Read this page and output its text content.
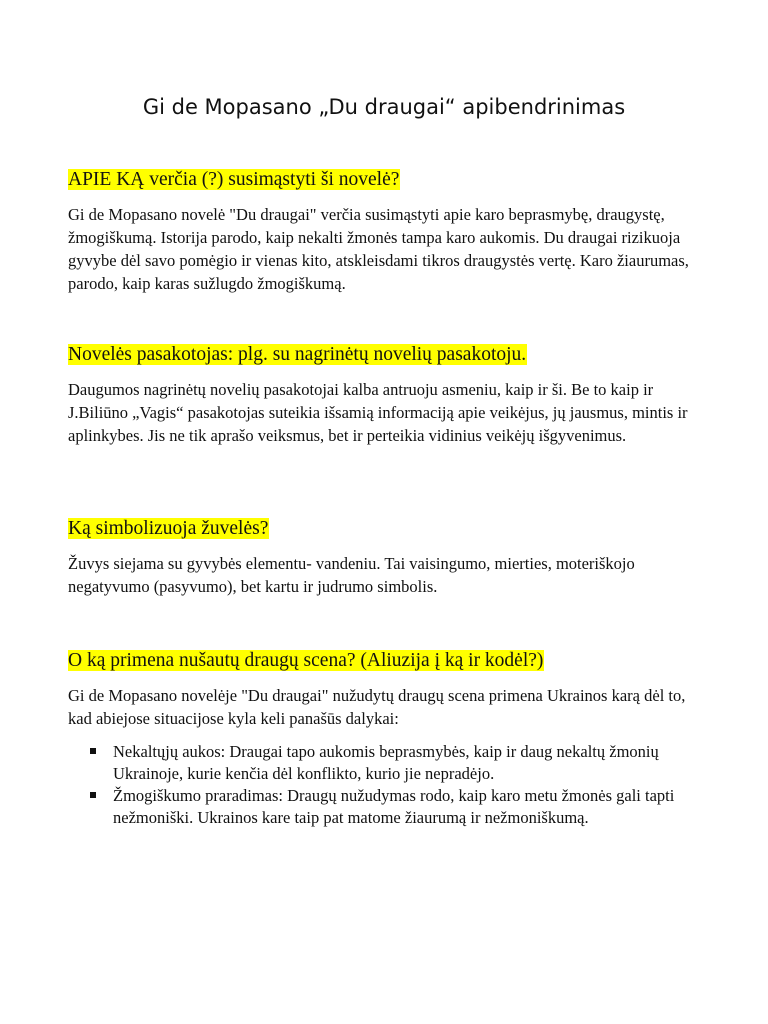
Gi de Mopasano „Du draugai“ apibendrinimas
APIE KĄ verčia (?) susimąstyti ši novelė?

Gi de Mopasano novelė "Du draugai" verčia susimąstyti apie karo beprasmybę, draugystę, žmogiškumą. Istorija parodo, kaip nekalti žmonės tampa karo aukomis. Du draugai rizikuoja gyvybe dėl savo pomėgio ir vienas kito, atskleisdami tikros draugystės vertę. Karo žiaurumas, parodo, kaip karas sužlugdo žmogiškumą.

Novelės pasakotojas: plg. su nagrinėtų novelių pasakotoju.

Daugumos nagrinėtų novelių pasakotojai kalba antruoju asmeniu, kaip ir ši. Be to kaip ir J.Biliūno „Vagis“ pasakotojas suteikia išsamią informaciją apie veikėjus, jų jausmus, mintis ir aplinkybes. Jis ne tik aprašo veiksmus, bet ir perteikia vidinius veikėjų išgyvenimus.

Ką simbolizuoja žuvelės?

Žuvys siejama su gyvybės elementu- vandeniu. Tai vaisingumo, mierties, moteriškojo negatyvumo (pasyvumo), bet kartu ir judrumo simbolis.

O ką primena nušautų draugų scena? (Aliuzija į ką ir kodėl?)

Gi de Mopasano novelėje "Du draugai" nužudytų draugų scena primena Ukrainos karą dėl to, kad abiejose situacijose kyla keli panašūs dalykai:

Nekaltųjų aukos: Draugai tapo aukomis beprasmybės, kaip ir daug nekaltų žmonių Ukrainoje, kurie kenčia dėl konflikto, kurio jie nepradėjo.
Žmogiškumo praradimas: Draugų nužudymas rodo, kaip karo metu žmonės gali tapti nežmoniški. Ukrainos kare taip pat matome žiaurumą ir nežmoniškumą.
